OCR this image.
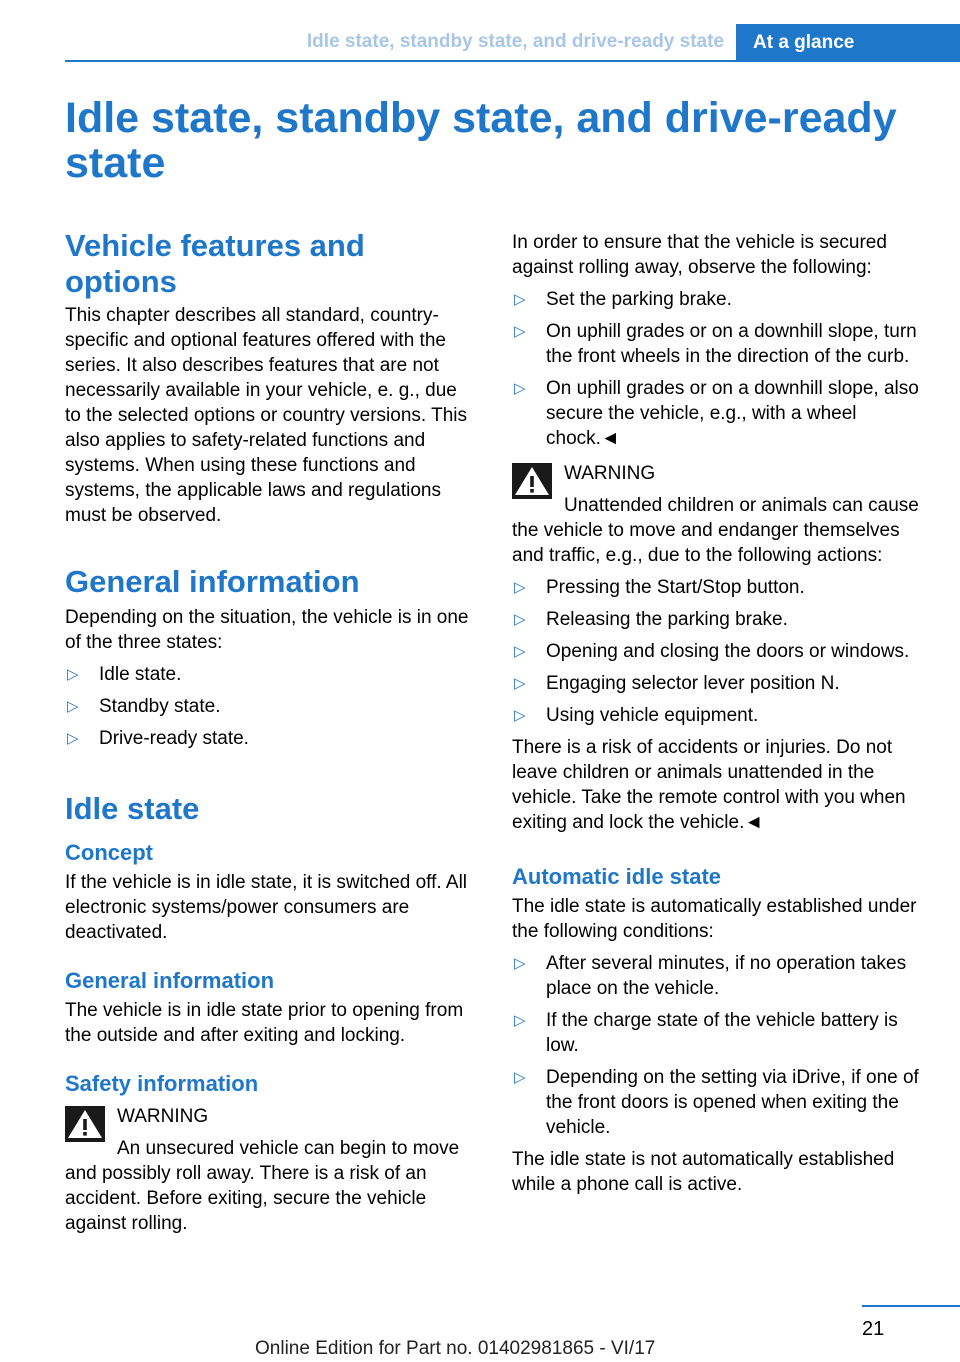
Idle state, standby state, and drive-ready state	At a glance
Idle state, standby state, and drive-ready state
Vehicle features and options

This chapter describes all standard, country-specific and optional features offered with the series. It also describes features that are not necessarily available in your vehicle, e. g., due to the selected options or country versions. This also applies to safety-related functions and systems. When using these functions and systems, the applicable laws and regulations must be observed.

General information

Depending on the situation, the vehicle is in one of the three states:

▷ Idle state.
▷ Standby state.
▷ Drive-ready state.
Idle state
Concept

If the vehicle is in idle state, it is switched off. All electronic systems/power consumers are deactivated.

General information

The vehicle is in idle state prior to opening from the outside and after exiting and locking.

Safety information
WARNING

An unsecured vehicle can begin to move and possibly roll away. There is a risk of an accident. Before exiting, secure the vehicle against rolling.

In order to ensure that the vehicle is secured against rolling away, observe the following:

▷ Set the parking brake.
▷ On uphill grades or on a downhill slope, turn the front wheels in the direction of the curb.
▷ On uphill grades or on a downhill slope, also secure the vehicle, e.g., with a wheel chock.◄
WARNING

Unattended children or animals can cause the vehicle to move and endanger themselves and traffic, e.g., due to the following actions:

▷ Pressing the Start/Stop button.
▷ Releasing the parking brake.
▷ Opening and closing the doors or windows.
▷ Engaging selector lever position N.
▷ Using vehicle equipment.

There is a risk of accidents or injuries. Do not leave children or animals unattended in the vehicle. Take the remote control with you when exiting and lock the vehicle.◄

Automatic idle state

The idle state is automatically established under the following conditions:

▷ After several minutes, if no operation takes place on the vehicle.
▷ If the charge state of the vehicle battery is low.
▷ Depending on the setting via iDrive, if one of the front doors is opened when exiting the vehicle.

The idle state is not automatically established while a phone call is active.

21
Online Edition for Part no. 01402981865 - VI/17
